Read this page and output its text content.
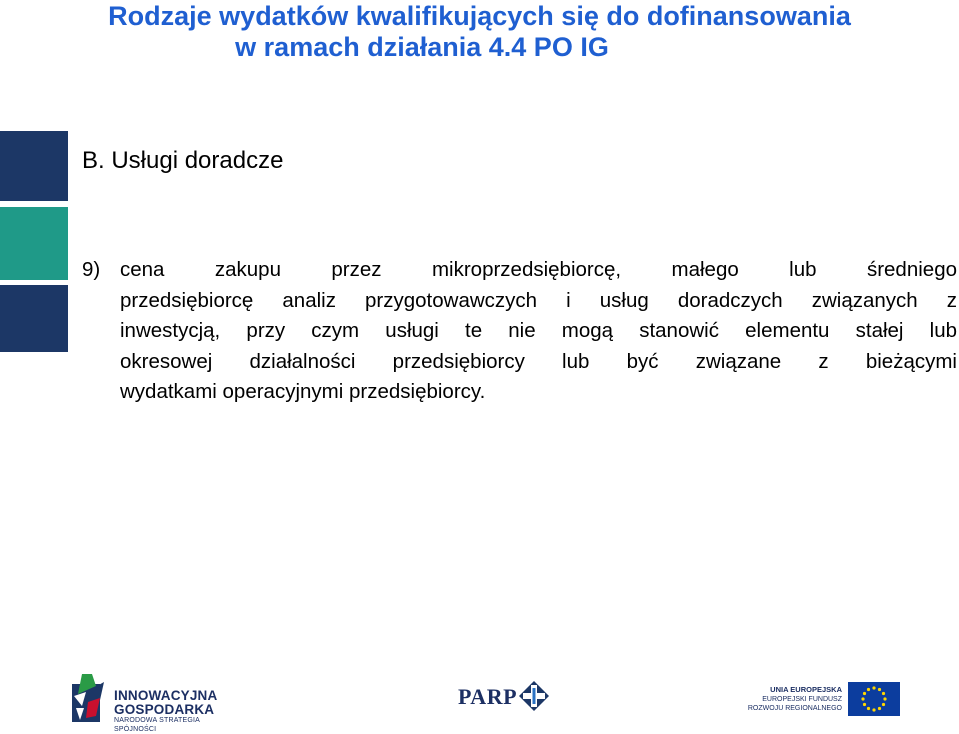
Rodzaje wydatków kwalifikujących się do dofinansowania
w ramach działania 4.4 PO IG
B. Usługi doradcze
9) cena zakupu przez mikroprzedsiębiorcę, małego lub średniego
przedsiębiorcę analiz przygotowawczych i usług doradczych związanych z
inwestycją, przy czym usługi te nie mogą stanowić elementu stałej lub
okresowej działalności przedsiębiorcy lub być związane z bieżącymi
wydatkami operacyjnymi przedsiębiorcy.
INNOWACYJNA
GOSPODARKA
NARODOWA STRATEGIA SPÓJNOŚCI
PARP	UNIA EUROPEJSKA
EUROPEJSKI FUNDUSZ
ROZWOJU REGIONALNEGO
